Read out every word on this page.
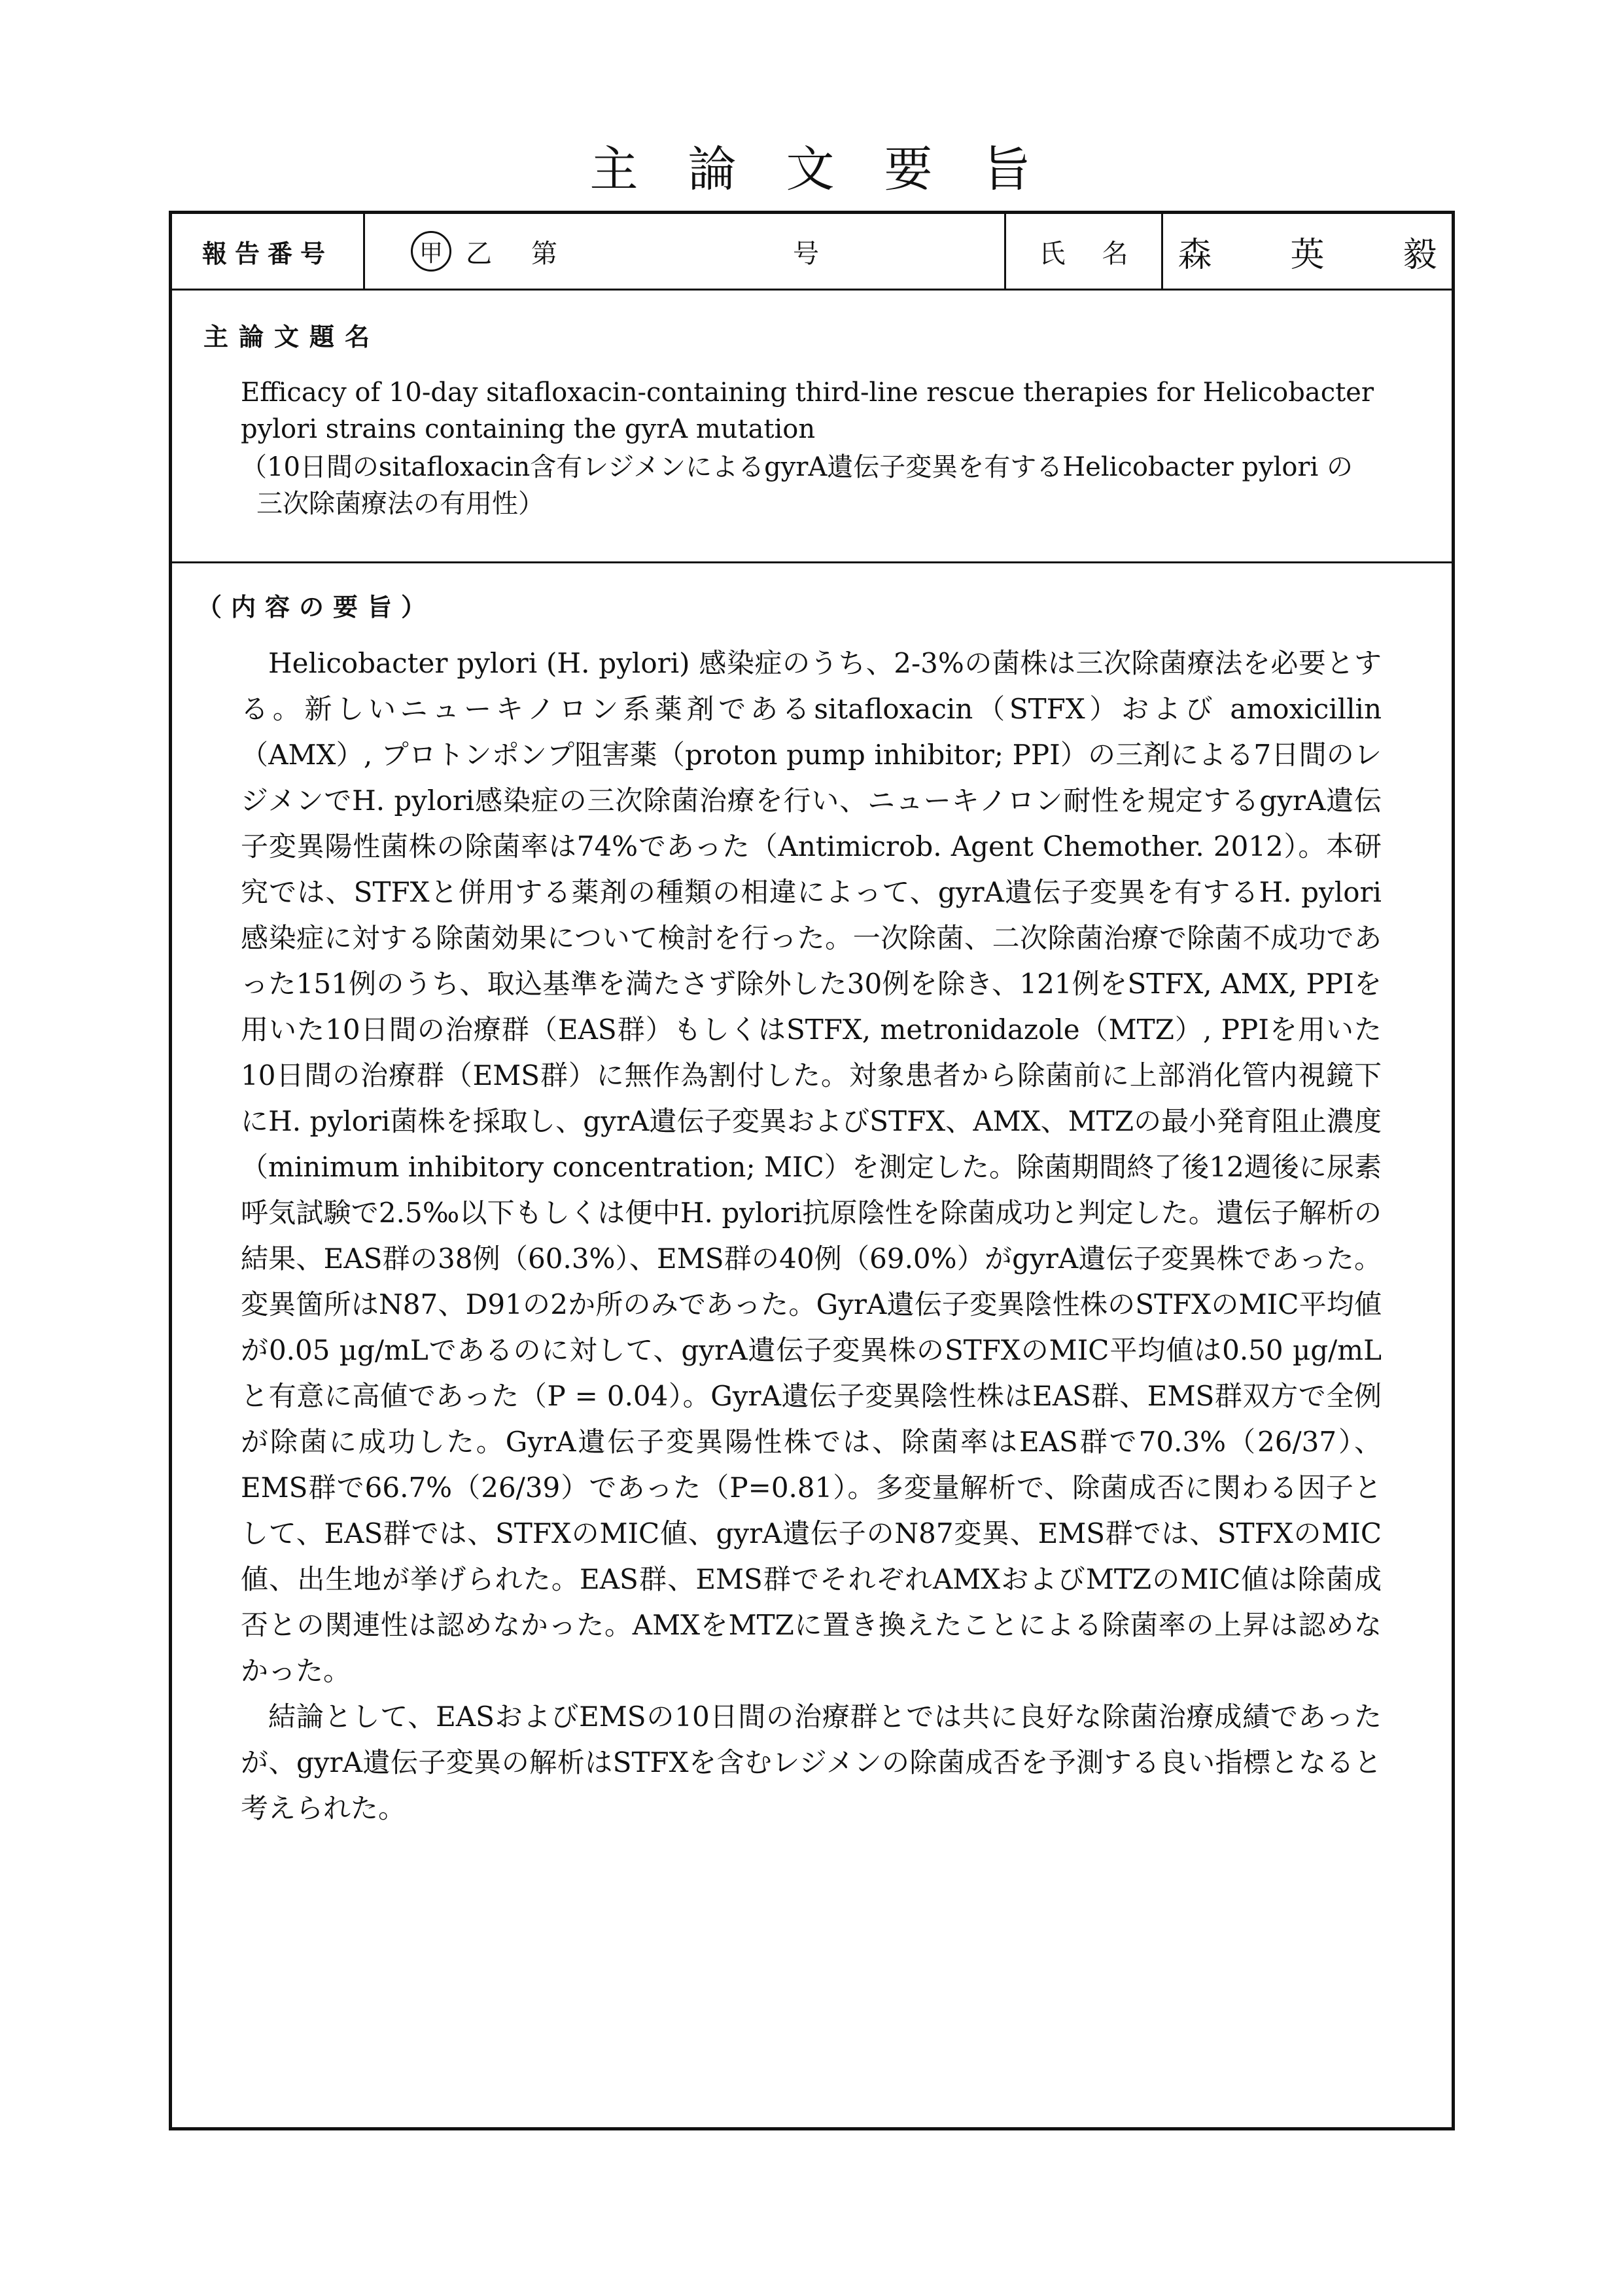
主 論 文 要 旨
報告番号	甲 乙 第	号	氏 名 森 英 毅
主論文題名
Efficacy of 10-day sitafloxacin-containing third-line rescue therapies for Helicobacter pylori strains containing the gyrA mutation
（10日間のsitafloxacin含有レジメンによるgyrA遺伝子変異を有するHelicobacter pylori の三次除菌療法の有用性）
（内容の要旨）

Helicobacter pylori (H. pylori) 感染症のうち、2-3%の菌株は三次除菌療法を必要とする。新しいニューキノロン系薬剤であるsitafloxacin（STFX）および amoxicillin（AMX）, プロトンポンプ阻害薬（proton pump inhibitor; PPI）の三剤による7日間のレジメンでH. pylori感染症の三次除菌治療を行い、ニューキノロン耐性を規定するgyrA遺伝子変異陽性菌株の除菌率は74%であった（Antimicrob. Agent Chemother. 2012）。本研究では、STFXと併用する薬剤の種類の相違によって、gyrA遺伝子変異を有するH. pylori感染症に対する除菌効果について検討を行った。一次除菌、二次除菌治療で除菌不成功であった151例のうち、取込基準を満たさず除外した30例を除き、121例をSTFX, AMX, PPIを用いた10日間の治療群（EAS群）もしくはSTFX, metronidazole（MTZ）, PPIを用いた10日間の治療群（EMS群）に無作為割付した。対象患者から除菌前に上部消化管内視鏡下にH. pylori菌株を採取し、gyrA遺伝子変異およびSTFX、AMX、MTZの最小発育阻止濃度（minimum inhibitory concentration; MIC）を測定した。除菌期間終了後12週後に尿素呼気試験で2.5‰以下もしくは便中H. pylori抗原陰性を除菌成功と判定した。遺伝子解析の結果、EAS群の38例（60.3%）、EMS群の40例（69.0%）がgyrA遺伝子変異株であった。変異箇所はN87、D91の2か所のみであった。GyrA遺伝子変異陰性株のSTFXのMIC平均値が0.05 µg/mLであるのに対して、gyrA遺伝子変異株のSTFXのMIC平均値は0.50 µg/mLと有意に高値であった（P = 0.04）。GyrA遺伝子変異陰性株はEAS群、EMS群双方で全例が除菌に成功した。GyrA遺伝子変異陽性株では、除菌率はEAS群で70.3%（26/37）、EMS群で66.7%（26/39）であった（P=0.81）。多変量解析で、除菌成否に関わる因子として、EAS群では、STFXのMIC値、gyrA遺伝子のN87変異、EMS群では、STFXのMIC値、出生地が挙げられた。EAS群、EMS群でそれぞれAMXおよびMTZのMIC値は除菌成否との関連性は認めなかった。AMXをMTZに置き換えたことによる除菌率の上昇は認めなかった。

結論として、EASおよびEMSの10日間の治療群とでは共に良好な除菌治療成績であったが、gyrA遺伝子変異の解析はSTFXを含むレジメンの除菌成否を予測する良い指標となると考えられた。
